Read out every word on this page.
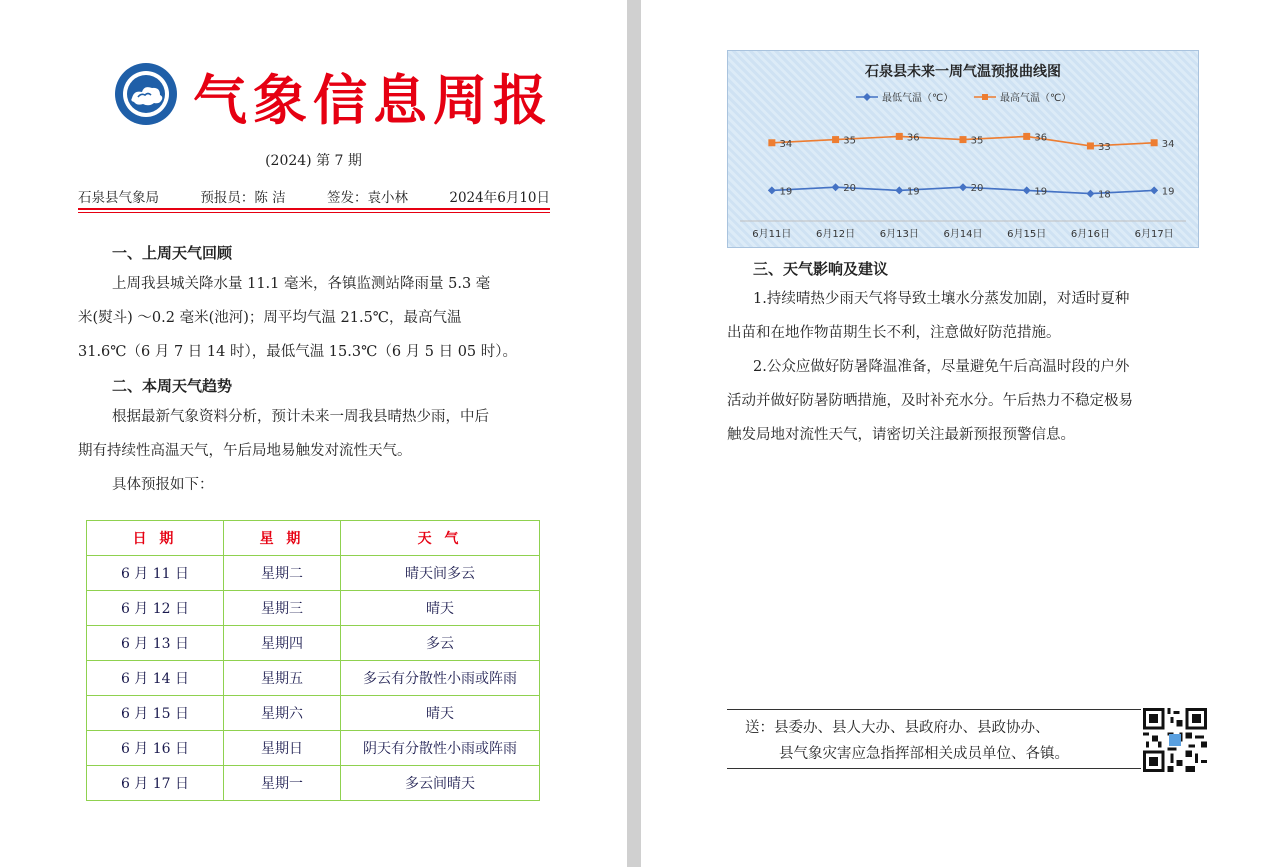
气象信息周报
(2024) 第 7 期
石泉县气象局	预报员：陈 洁	签发：袁小林	2024年6月10日
一、上周天气回顾
上周我县城关降水量 11.1 毫米，各镇监测站降雨量 5.3 毫
米(熨斗) ～0.2 毫米(池河)；周平均气温 21.5℃，最高气温
31.6℃（6 月 7 日 14 时），最低气温 15.3℃（6 月 5 日 05 时）。
二、本周天气趋势
根据最新气象资料分析，预计未来一周我县晴热少雨，中后
期有持续性高温天气，午后局地易触发对流性天气。
具体预报如下：
日 期	星 期	天 气
6 月 11 日	星期二	晴天间多云
6 月 12 日	星期三	晴天
6 月 13 日	星期四	多云
6 月 14 日	星期五	多云有分散性小雨或阵雨
6 月 15 日	星期六	晴天
6 月 16 日	星期日	阴天有分散性小雨或阵雨
6 月 17 日	星期一	多云间晴天
石泉县未来一周气温预报曲线图
6月11日 6月12日 6月13日 6月14日 6月15日 6月16日 6月17日
最低气温（℃）	最高气温（℃）
19	20	19	20	19	18	19
34	35	36	35	36
33	34
三、天气影响及建议
1.持续晴热少雨天气将导致土壤水分蒸发加剧，对适时夏种
出苗和在地作物苗期生长不利，注意做好防范措施。
2.公众应做好防暑降温准备，尽量避免午后高温时段的户外
活动并做好防暑防晒措施，及时补充水分。午后热力不稳定极易
触发局地对流性天气，请密切关注最新预报预警信息。
送：县委办、县人大办、县政府办、县政协办、
县气象灾害应急指挥部相关成员单位、各镇。
